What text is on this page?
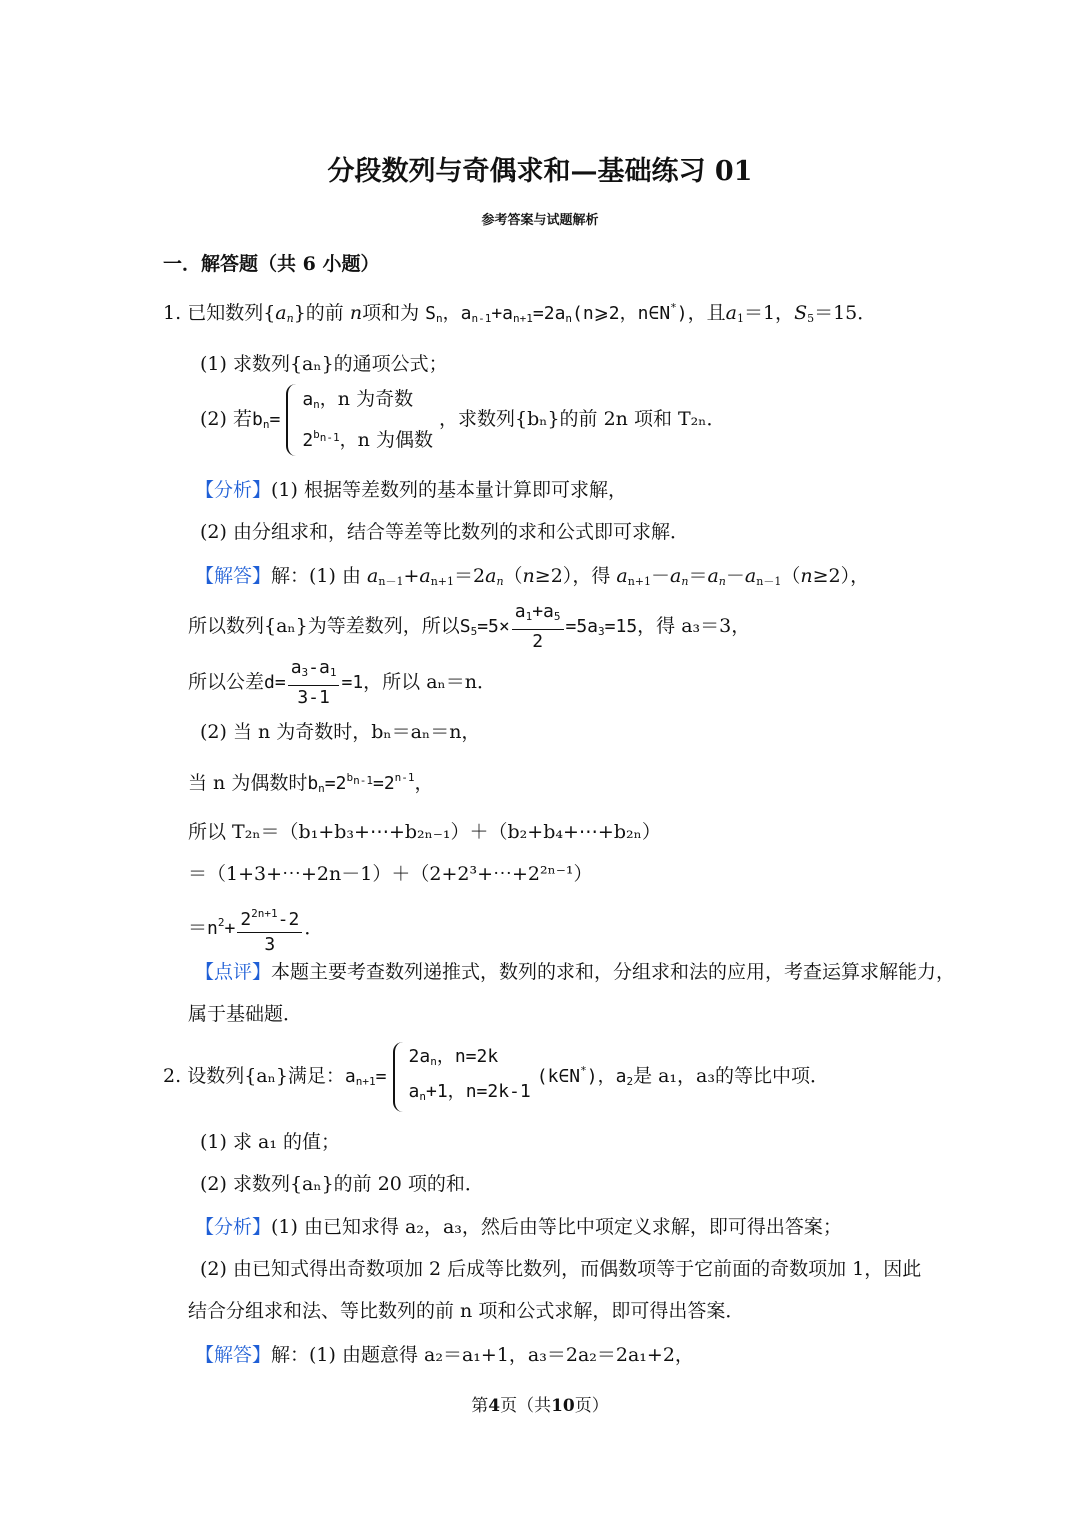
分段数列与奇偶求和—基础练习 01
参考答案与试题解析
一．解答题（共 6 小题）
1. 已知数列$\{a_n\}$的前 n项和为 $S_n$，$a_{n-1}+a_{n+1}=2a_n(n⩾2$，n∈N*)，且$a_1=1$，$S_5=15$．
(1) 求数列{aₙ}的通项公式；
(2) 若$b_n=$
$a_n$，n 为奇数
$2^{b_{n-1}}$，n 为偶数
，求数列{bₙ}的前 2n 项和 T₂ₙ．
【分析】(1) 根据等差数列的基本量计算即可求解，
(2) 由分组求和，结合等差等比数列的求和公式即可求解．
【解答】解：(1) 由 $a_{n-1}+a_{n+1}=2a_n(n\ge 2)$，得 $a_{n+1}-a_n=a_n-a_{n-1}(n\ge 2)$，
所以数列{aₙ}为等差数列，所以$S_5=5\times \frac{a_1+a_5}{2} =5a_3=15$，得 a₃＝3，
所以公差$d= \frac{a_3-a_1}{3-1} =1$，所以 aₙ＝n．
(2) 当 n 为奇数时，bₙ＝aₙ＝n，
当 n 为偶数时$b_n=2^{b_{n-1}}=2^{n-1}$，
所以 T₂ₙ＝（b₁+b₃+⋯+b₂ₙ₋₁）＋（b₂+b₄+⋯+b₂ₙ）
＝（1+3+⋯+2n－1）＋（2+2³+⋯+2²ⁿ⁻¹）
$=n^2+ \frac{2^{2n+1}-2}{3}$ ．
【点评】本题主要考查数列递推式，数列的求和，分组求和法的应用，考查运算求解能力，
属于基础题．
2. 设数列{aₙ}满足：$a_{n+1}=$
$2a_n$，n=2k
$a_n+1$，n=2k-1
(k∈N*)，$a_2$是 a₁，a₃的等比中项．
(1) 求 a₁ 的值；
(2) 求数列{aₙ}的前 20 项的和．
【分析】(1) 由已知求得 a₂，a₃，然后由等比中项定义求解，即可得出答案；
(2) 由已知式得出奇数项加 2 后成等比数列，而偶数项等于它前面的奇数项加 1，因此
结合分组求和法、等比数列的前 n 项和公式求解，即可得出答案．
【解答】解：(1) 由题意得 a₂＝a₁+1，a₃＝2a₂＝2a₁+2，
第4页（共10页）
